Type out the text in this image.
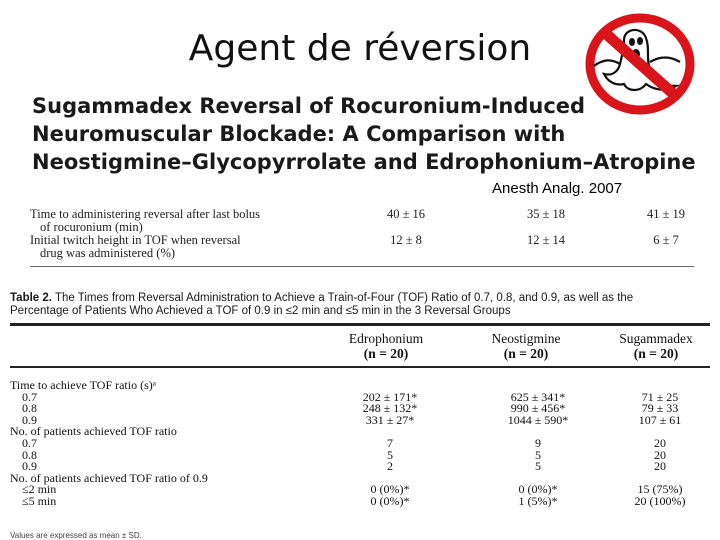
Agent de réversion
Sugammadex Reversal of Rocuronium-Induced
Neuromuscular Blockade: A Comparison with
Neostigmine–Glycopyrrolate and Edrophonium–Atropine
Anesth Analg. 2007
Time to administering reversal after last bolus
of rocuronium (min)
40 ± 16	35 ± 18	41 ± 19
Initial twitch height in TOF when reversal
drug was administered (%)
12 ± 8	12 ± 14	6 ± 7
Table 2. The Times from Reversal Administration to Achieve a Train-of-Four (TOF) Ratio of 0.7, 0.8, and 0.9, as well as the
Percentage of Patients Who Achieved a TOF of 0.9 in ≤2 min and ≤5 min in the 3 Reversal Groups
Edrophonium
(n = 20)
Neostigmine
(n = 20)
Sugammadex
(n = 20)
Time to achieve TOF ratio (s)ᵃ
0.7	202 ± 171*	625 ± 341*	71 ± 25
0.8	248 ± 132*	990 ± 456*	79 ± 33
0.9	331 ± 27*	1044 ± 590*	107 ± 61
No. of patients achieved TOF ratio
0.7	7	9	20
0.8	5	5	20
0.9	2	5	20
No. of patients achieved TOF ratio of 0.9
≤2 min	0 (0%)*	0 (0%)*	15 (75%)
≤5 min	0 (0%)*	1 (5%)*	20 (100%)
Values are expressed as mean ± SD.
